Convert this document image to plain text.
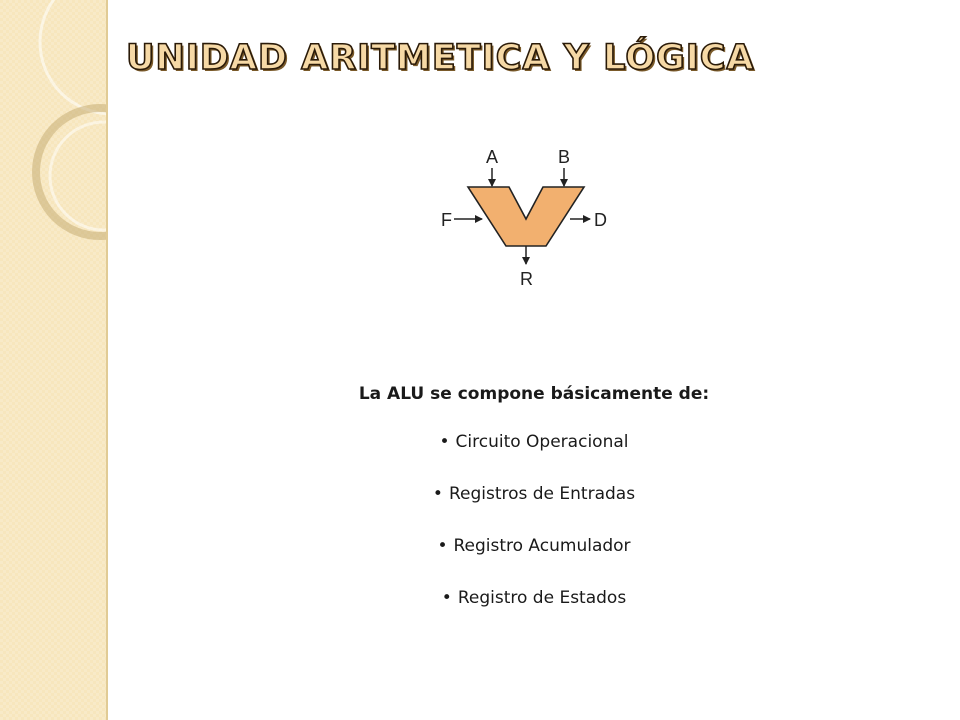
UNIDAD ARITMETICA Y LÓGICA
A	B
F	D
R

La ALU se compone básicamente de:

• Circuito Operacional
• Registros de Entradas
• Registro Acumulador
• Registro de Estados
